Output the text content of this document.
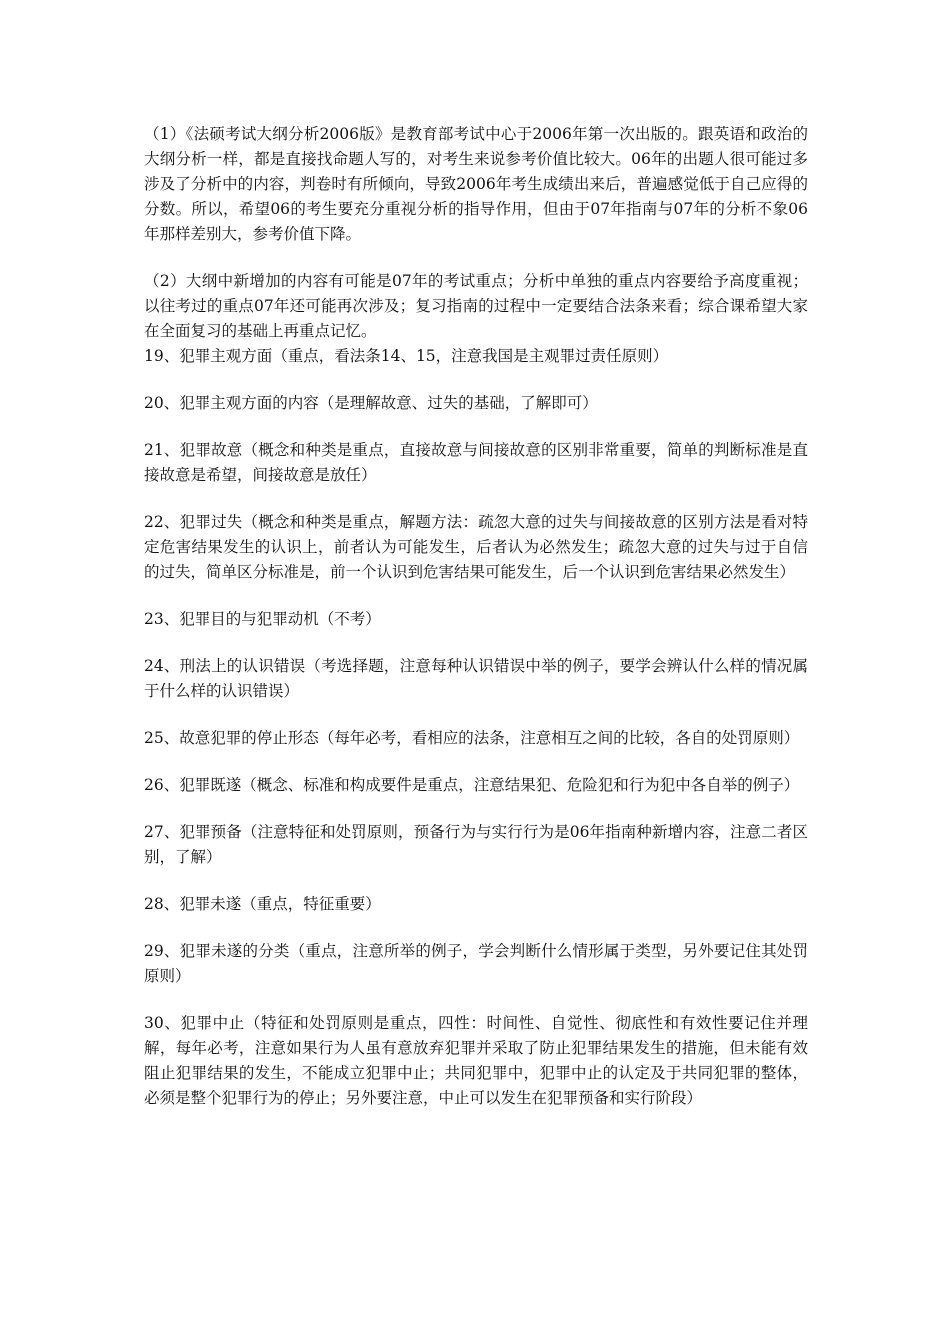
（1）《法硕考试大纲分析2006版》是教育部考试中心于2006年第一次出版的。跟英语和政治的大纲分析一样，都是直接找命题人写的，对考生来说参考价值比较大。06年的出题人很可能过多涉及了分析中的内容，判卷时有所倾向，导致2006年考生成绩出来后，普遍感觉低于自己应得的分数。所以，希望06的考生要充分重视分析的指导作用，但由于07年指南与07年的分析不象06年那样差别大，参考价值下降。

（2）大纲中新增加的内容有可能是07年的考试重点；分析中单独的重点内容要给予高度重视；以往考过的重点07年还可能再次涉及；复习指南的过程中一定要结合法条来看；综合课希望大家在全面复习的基础上再重点记忆。

19、犯罪主观方面（重点，看法条14、15，注意我国是主观罪过责任原则）

20、犯罪主观方面的内容（是理解故意、过失的基础，了解即可）

21、犯罪故意（概念和种类是重点，直接故意与间接故意的区别非常重要，简单的判断标准是直接故意是希望，间接故意是放任）

22、犯罪过失（概念和种类是重点，解题方法：疏忽大意的过失与间接故意的区别方法是看对特定危害结果发生的认识上，前者认为可能发生，后者认为必然发生；疏忽大意的过失与过于自信的过失，简单区分标准是，前一个认识到危害结果可能发生，后一个认识到危害结果必然发生）

23、犯罪目的与犯罪动机（不考）

24、刑法上的认识错误（考选择题，注意每种认识错误中举的例子，要学会辨认什么样的情况属于什么样的认识错误）

25、故意犯罪的停止形态（每年必考，看相应的法条，注意相互之间的比较，各自的处罚原则）

26、犯罪既遂（概念、标准和构成要件是重点，注意结果犯、危险犯和行为犯中各自举的例子）

27、犯罪预备（注意特征和处罚原则，预备行为与实行行为是06年指南种新增内容，注意二者区别，了解）

28、犯罪未遂（重点，特征重要）

29、犯罪未遂的分类（重点，注意所举的例子，学会判断什么情形属于类型，另外要记住其处罚原则）

30、犯罪中止（特征和处罚原则是重点，四性：时间性、自觉性、彻底性和有效性要记住并理解，每年必考，注意如果行为人虽有意放弃犯罪并采取了防止犯罪结果发生的措施，但未能有效阻止犯罪结果的发生，不能成立犯罪中止；共同犯罪中，犯罪中止的认定及于共同犯罪的整体，必须是整个犯罪行为的停止；另外要注意，中止可以发生在犯罪预备和实行阶段）
